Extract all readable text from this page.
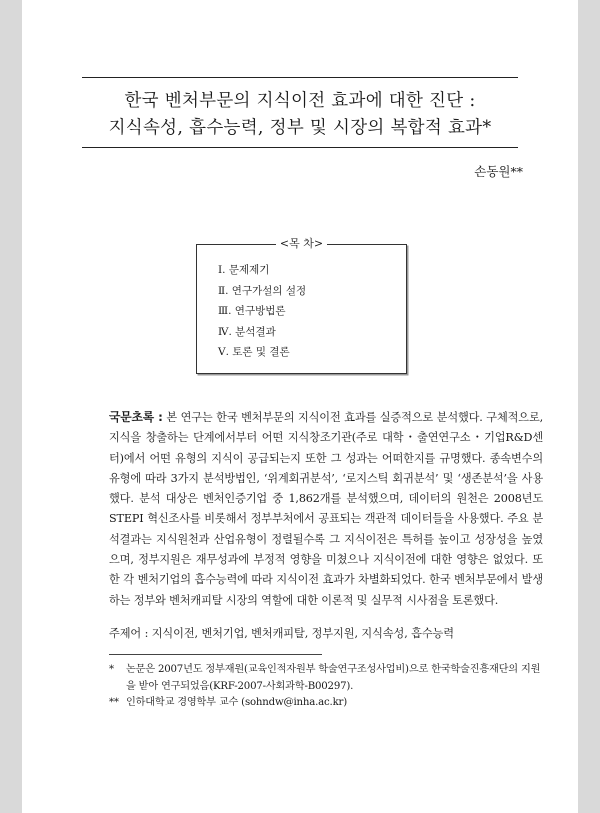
한국 벤처부문의 지식이전 효과에 대한 진단 :
지식속성, 흡수능력, 정부 및 시장의 복합적 효과*
손동원**
<목 차>
Ⅰ. 문제제기
Ⅱ. 연구가설의 설정
Ⅲ. 연구방법론
Ⅳ. 분석결과
Ⅴ. 토론 및 결론
국문초록 : 본 연구는 한국 벤처부문의 지식이전 효과를 실증적으로 분석했다. 구체적으로, 지식을 창출하는 단계에서부터 어떤 지식창조기관(주로 대학・출연연구소・기업R&D센터)에서 어떤 유형의 지식이 공급되는지 또한 그 성과는 어떠한지를 규명했다. 종속변수의 유형에 따라 3가지 분석방법인, ‘위계회귀분석’, ‘로지스틱 회귀분석’ 및 ‘생존분석’을 사용했다. 분석 대상은 벤처인증기업 중 1,862개를 분석했으며, 데이터의 원천은 2008년도 STEPI 혁신조사를 비롯해서 정부부처에서 공표되는 객관적 데이터들을 사용했다. 주요 분석결과는 지식원천과 산업유형이 정렬될수록 그 지식이전은 특허를 높이고 성장성을 높였으며, 정부지원은 재무성과에 부정적 영향을 미쳤으나 지식이전에 대한 영향은 없었다. 또한 각 벤처기업의 흡수능력에 따라 지식이전 효과가 차별화되었다. 한국 벤처부문에서 발생하는 정부와 벤처캐피탈 시장의 역할에 대한 이론적 및 실무적 시사점을 토론했다.
주제어 : 지식이전, 벤처기업, 벤처캐피탈, 정부지원, 지식속성, 흡수능력
*	논문은 2007년도 정부재원(교육인적자원부 학술연구조성사업비)으로 한국학술진흥재단의 지원을 받아 연구되었음(KRF-2007-사회과학-B00297).
** 인하대학교 경영학부 교수 (sohndw@inha.ac.kr)
